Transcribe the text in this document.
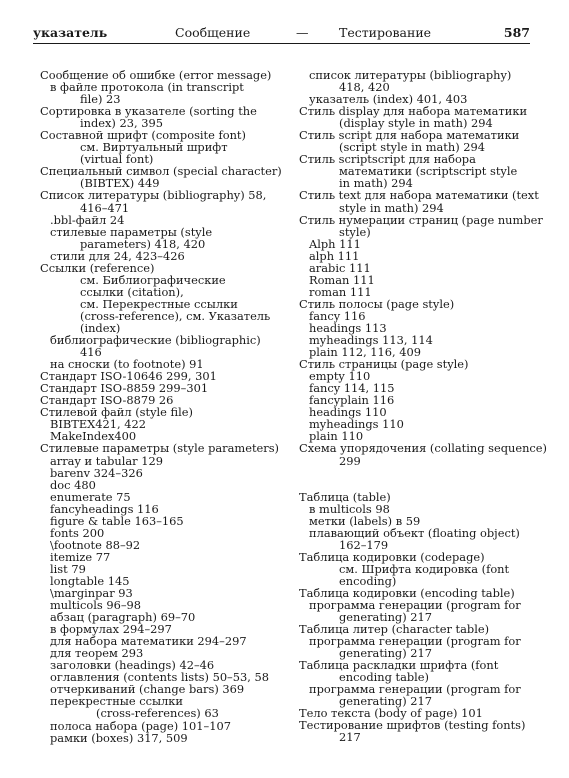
указатель	Сообщение	— Тестирование	587
Сообщение об ошибке (error message)
в файле протокола (in transcript
file) 23
Сортировка в указателе (sorting the
index) 23, 395
Составной шрифт (composite font)
см. Виртуальный шрифт
(virtual font)
Специальный символ (special character)
(BIBTEX) 449
Список литературы (bibliography) 58,
416–471
.bbl-файл 24
стилевые параметры (style
parameters) 418, 420
стили для 24, 423–426
Ссылки (reference)
см. Библиографические
ссылки (citation),
см. Перекрестные ссылки
(cross-reference), см. Указатель
(index)
библиографические (bibliographic)
416
на сноски (to footnote) 91
Стандарт ISO-10646 299, 301
Стандарт ISO-8859 299–301
Стандарт ISO-8879 26
Стилевой файл (style file)
BIBTEX421, 422
MakeIndex400
Стилевые параметры (style parameters)
array и tabular 129
barenv 324–326
doc 480
enumerate 75
fancyheadings 116
figure & table 163–165
fonts 200
\footnote 88–92
itemize 77
list 79
longtable 145
\marginpar 93
multicols 96–98
абзац (paragraph) 69–70
в формулах 294–297
для набора математики 294–297
для теорем 293
заголовки (headings) 42–46
оглавления (contents lists) 50–53, 58
отчеркиваний (change bars) 369
перекрестные ссылки
(cross-references) 63
полоса набора (page) 101–107
рамки (boxes) 317, 509
список литературы (bibliography)
418, 420
указатель (index) 401, 403
Стиль display для набора математики
(display style in math) 294
Стиль script для набора математики
(script style in math) 294
Стиль scriptscript для набора
математики (scriptscript style
in math) 294
Стиль text для набора математики (text
style in math) 294
Стиль нумерации страниц (page number
style)
Alph 111
alph 111
arabic 111
Roman 111
roman 111
Стиль полосы (page style)
fancy 116
headings 113
myheadings 113, 114
plain 112, 116, 409
Стиль страницы (page style)
empty 110
fancy 114, 115
fancyplain 116
headings 110
myheadings 110
plain 110
Схема упорядочения (collating sequence)
299
Таблица (table)
в multicols 98
метки (labels) в 59
плавающий объект (floating object)
162–179
Таблица кодировки (codepage)
см. Шрифта кодировка (font
encoding)
Таблица кодировки (encoding table)
программа генерации (program for
generating) 217
Таблица литер (character table)
программа генерации (program for
generating) 217
Таблица раскладки шрифта (font
encoding table)
программа генерации (program for
generating) 217
Тело текста (body of page) 101
Тестирование шрифтов (testing fonts)
217
